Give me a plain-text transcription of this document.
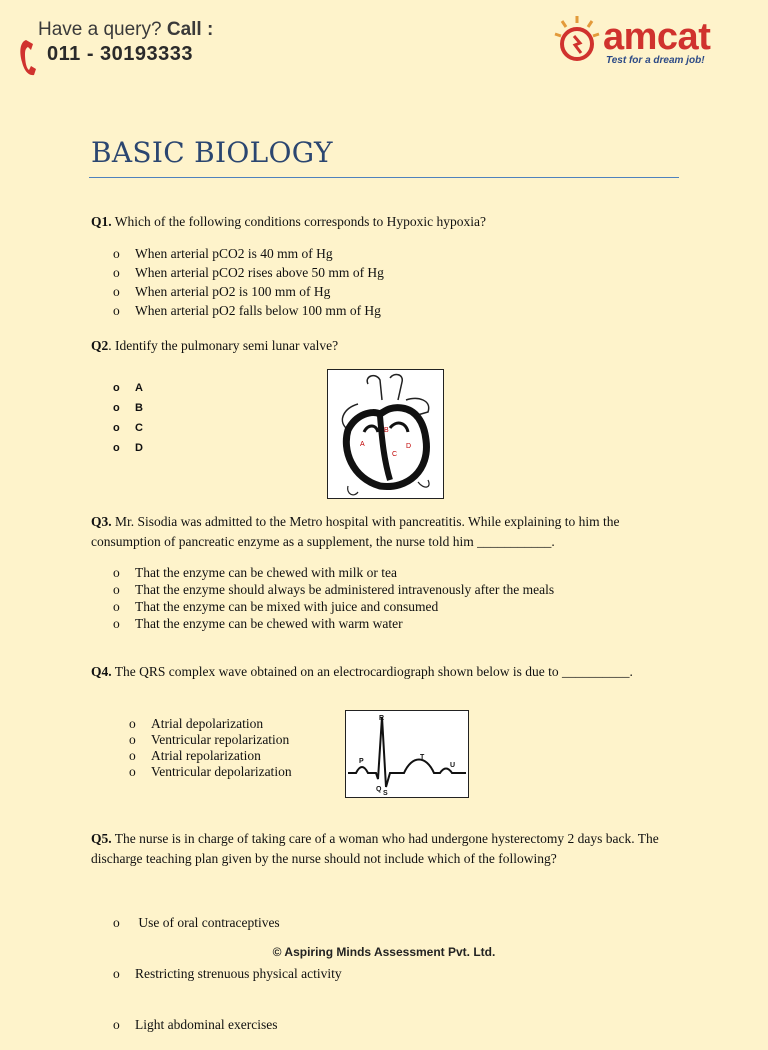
Have a query? Call :
011 - 30193333	amcat
Test for a dream job!
BASIC BIOLOGY
Q1. Which of the following conditions corresponds to Hypoxic hypoxia?
o When arterial pCO2 is 40 mm of Hg
o When arterial pCO2 rises above 50 mm of Hg
o When arterial pO2 is 100 mm of Hg
o When arterial pO2 falls below 100 mm of Hg
Q2. Identify the pulmonary semi lunar valve?
o A
o B
o C
o D	A
B
C
D
Q3. Mr. Sisodia was admitted to the Metro hospital with pancreatitis. While explaining to him the consumption of pancreatic enzyme as a supplement, the nurse told him ___________.
o That the enzyme can be chewed with milk or tea
o That the enzyme should always be administered intravenously after the meals
o That the enzyme can be mixed with juice and consumed
o That the enzyme can be chewed with warm water
Q4. The QRS complex wave obtained on an electrocardiograph shown below is due to __________.
o Atrial depolarization
o Ventricular repolarization
o Atrial repolarization
o Ventricular depolarization
R
P
T
U
Q
S
Q5. The nurse is in charge of taking care of a woman who had undergone hysterectomy 2 days back. The discharge teaching plan given by the nurse should not include which of the following?

o  Use of oral contraceptives

o Restricting strenuous physical activity

o Light abdominal exercises

© Aspiring Minds Assessment Pvt. Ltd.
